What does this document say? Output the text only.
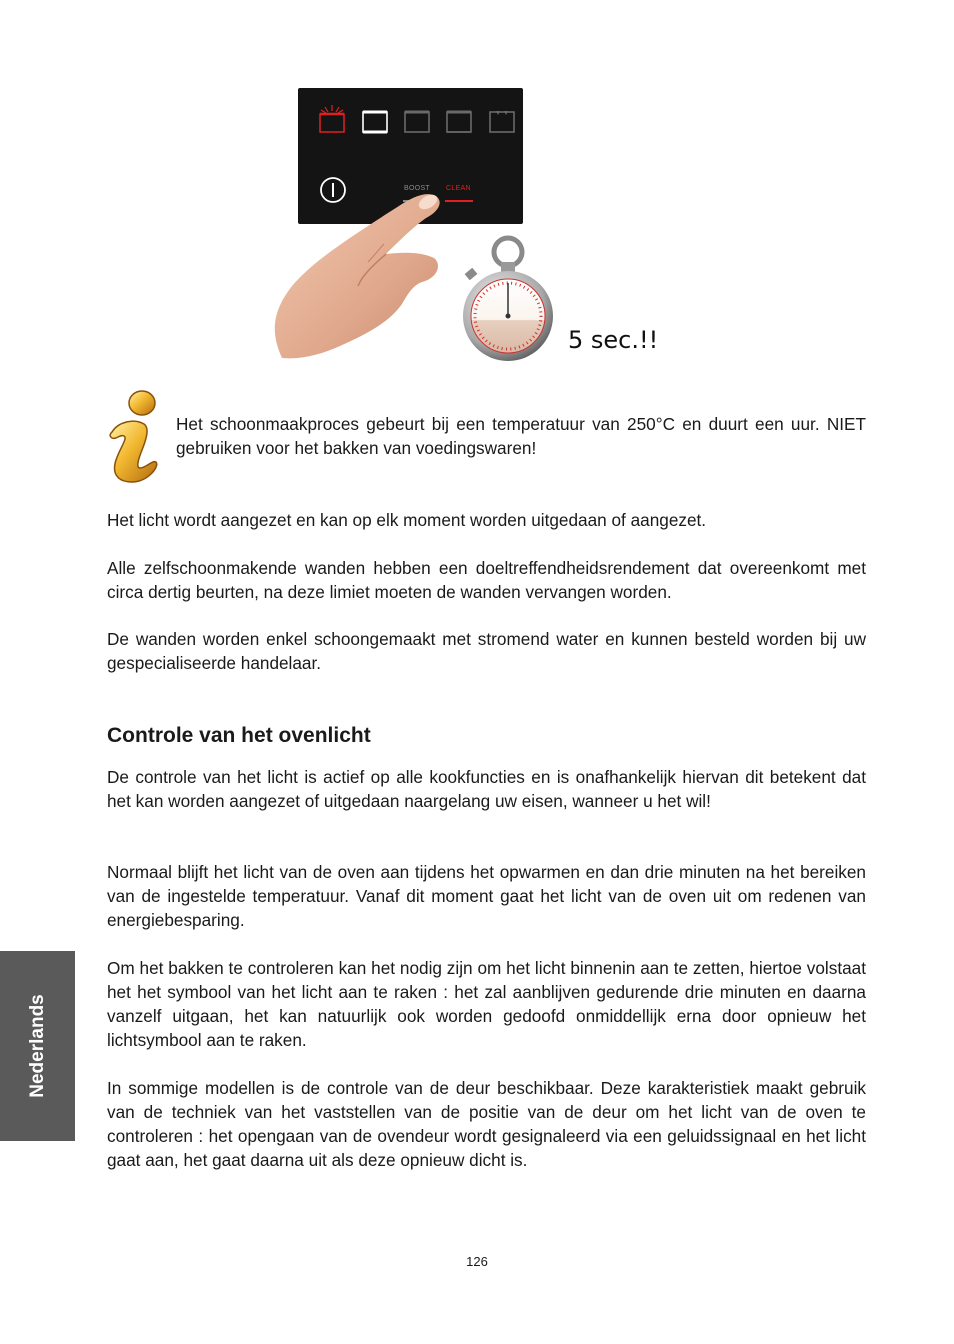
BOOST CLEAN
5 sec.!!

Het schoonmaakproces gebeurt bij een temperatuur van 250°C en duurt een uur. NIET gebruiken voor het bakken van voedingswaren!

Het licht wordt aangezet en kan op elk moment worden uitgedaan of aangezet.

Alle zelfschoonmakende wanden hebben een doeltreffendheidsrendement dat overeenkomt met circa dertig beurten, na deze limiet moeten de wanden vervangen worden.

De wanden worden enkel schoongemaakt met stromend water en kunnen besteld worden bij uw gespecialiseerde handelaar.

Controle van het ovenlicht

De controle van het licht is actief op alle kookfuncties en is onafhankelijk hiervan dit betekent dat het kan worden aangezet of uitgedaan naargelang uw eisen, wanneer u het wil!

Normaal blijft het licht van de oven aan tijdens het opwarmen en dan drie minuten na het bereiken van de ingestelde temperatuur. Vanaf dit moment gaat het licht van de oven uit om redenen van energiebesparing.

Om het bakken te controleren kan het nodig zijn om het licht binnenin aan te zetten, hiertoe volstaat het het symbool van het licht aan te raken : het zal aanblijven gedurende drie minuten en daarna vanzelf uitgaan, het kan natuurlijk ook worden gedoofd onmiddellijk erna door opnieuw het lichtsymbool aan te raken.

In sommige modellen is de controle van de deur beschikbaar. Deze karakteristiek maakt gebruik van de techniek van het vaststellen van de positie van de deur om het licht van de oven te controleren : het opengaan van de ovendeur wordt gesignaleerd via een geluidssignaal en het licht gaat aan, het gaat daarna uit als deze opnieuw dicht is.

Nederlands
126
